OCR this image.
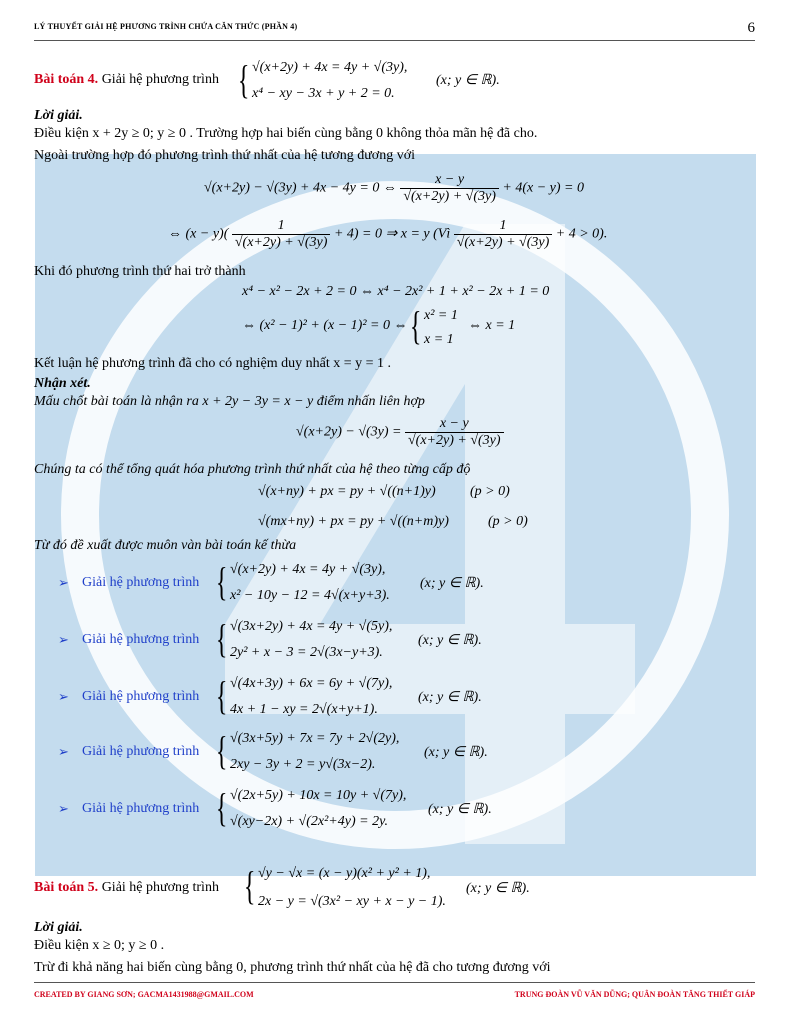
LÝ THUYẾT GIẢI HỆ PHƯƠNG TRÌNH CHỨA CĂN THỨC (PHẦN 4)	6
Bài toán 4. Giải hệ phương trình { √(x+2y) + 4x = 4y + √(3y),
x⁴ − xy − 3x + y + 2 = 0.
(x; y ∈ ℝ).
Lời giải.
Điều kiện x + 2y ≥ 0; y ≥ 0 . Trường hợp hai biến cùng bằng 0 không thỏa mãn hệ đã cho.
Ngoài trường hợp đó phương trình thứ nhất của hệ tương đương với
√(x+2y) − √(3y) + 4x − 4y = 0 ⇔ $\frac{x - y}{√(x+2y) + √(3y)} + 4(x - y) = 0$
⇔ $(x - y)( \frac{1}{√(x+2y) + √(3y)} + 4) = 0$ ⇒ x = y (Vì $\frac{1}{√(x+2y) + √(3y)} + 4 > 0$).
Khi đó phương trình thứ hai trở thành
x⁴ − x² − 2x + 2 = 0 ⇔ x⁴ − 2x² + 1 + x² − 2x + 1 = 0
⇔ (x² − 1)² + (x − 1)² = 0 ⇔ { x² = 1
x = 1
⇔ x = 1
Kết luận hệ phương trình đã cho có nghiệm duy nhất x = y = 1 .
Nhận xét.
Mấu chốt bài toán là nhận ra x + 2y − 3y = x − y điểm nhấn liên hợp
$√(x+2y) - √(3y) = \frac{x - y}{√(x+2y) + √(3y)}$
Chúng ta có thể tổng quát hóa phương trình thứ nhất của hệ theo từng cấp độ
√(x+ny) + px = py + √((n+1)y) (p > 0)
√(mx+ny) + px = py + √((n+m)y)	(p > 0)
Từ đó đề xuất được muôn vàn bài toán kế thừa
➢ Giải hệ phương trình { √(x+2y) + 4x = 4y + √(3y),
x² − 10y − 12 = 4√(x+y+3).
(x; y ∈ ℝ).
➢ Giải hệ phương trình { √(3x+2y) + 4x = 4y + √(5y),
2y² + x − 3 = 2√(3x−y+3).
(x; y ∈ ℝ).
➢ Giải hệ phương trình { √(4x+3y) + 6x = 6y + √(7y),
4x + 1 − xy = 2√(x+y+1).
(x; y ∈ ℝ).
➢ Giải hệ phương trình { √(3x+5y) + 7x = 7y + 2√(2y),
2xy − 3y + 2 = y√(3x−2).
(x; y ∈ ℝ).
➢ Giải hệ phương trình { √(2x+5y) + 10x = 10y + √(7y),
√(xy−2x) + √(2x²+4y) = 2y.
(x; y ∈ ℝ).
Bài toán 5. Giải hệ phương trình { √y − √x = (x − y)(x² + y² + 1),
2x − y = √(3x² − xy + x − y − 1).
(x; y ∈ ℝ).
Lời giải.
Điều kiện x ≥ 0; y ≥ 0 .
Trừ đi khả năng hai biến cùng bằng 0, phương trình thứ nhất của hệ đã cho tương đương với
CREATED BY GIANG SƠN; GACMA1431988@GMAIL.COM	TRUNG ĐOÀN VŨ VĂN DŨNG; QUÂN ĐOÀN TĂNG THIẾT GIÁP
